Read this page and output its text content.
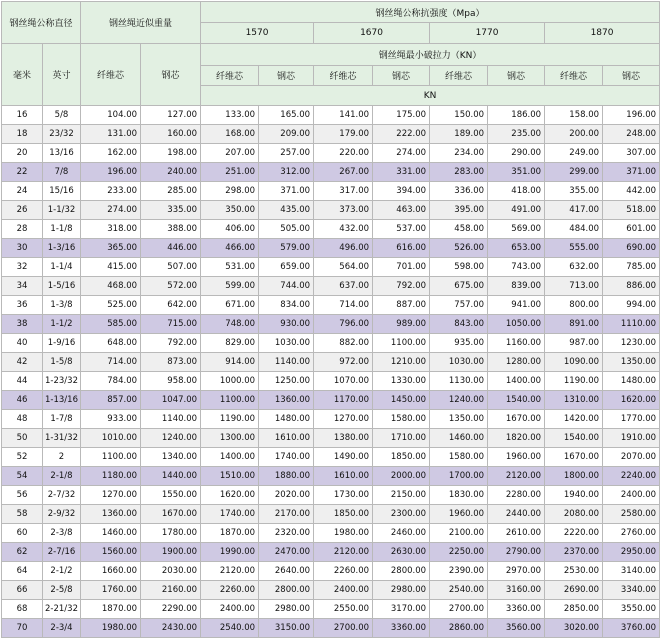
钢丝绳公称直径		钢丝绳近似重量		钢丝绳公称抗强度（Mpa）							
				1570		1670		1770		1870	
毫米	英寸	纤维芯	钢芯	钢丝绳最小破拉力（KN）							
				纤维芯	钢芯	纤维芯	钢芯	纤维芯	钢芯	纤维芯	钢芯
				KN							
16	5/8	104.00	127.00	133.00	165.00	141.00	175.00	150.00	186.00	158.00	196.00
18	23/32	131.00	160.00	168.00	209.00	179.00	222.00	189.00	235.00	200.00	248.00
20	13/16	162.00	198.00	207.00	257.00	220.00	274.00	234.00	290.00	249.00	307.00
22	7/8	196.00	240.00	251.00	312.00	267.00	331.00	283.00	351.00	299.00	371.00
24	15/16	233.00	285.00	298.00	371.00	317.00	394.00	336.00	418.00	355.00	442.00
26	1-1/32	274.00	335.00	350.00	435.00	373.00	463.00	395.00	491.00	417.00	518.00
28	1-1/8	318.00	388.00	406.00	505.00	432.00	537.00	458.00	569.00	484.00	601.00
30	1-3/16	365.00	446.00	466.00	579.00	496.00	616.00	526.00	653.00	555.00	690.00
32	1-1/4	415.00	507.00	531.00	659.00	564.00	701.00	598.00	743.00	632.00	785.00
34	1-5/16	468.00	572.00	599.00	744.00	637.00	792.00	675.00	839.00	713.00	886.00
36	1-3/8	525.00	642.00	671.00	834.00	714.00	887.00	757.00	941.00	800.00	994.00
38	1-1/2	585.00	715.00	748.00	930.00	796.00	989.00	843.00	1050.00	891.00	1110.00
40	1-9/16	648.00	792.00	829.00	1030.00	882.00	1100.00	935.00	1160.00	987.00	1230.00
42	1-5/8	714.00	873.00	914.00	1140.00	972.00	1210.00	1030.00	1280.00	1090.00	1350.00
44	1-23/32	784.00	958.00	1000.00	1250.00	1070.00	1330.00	1130.00	1400.00	1190.00	1480.00
46	1-13/16	857.00	1047.00	1100.00	1360.00	1170.00	1450.00	1240.00	1540.00	1310.00	1620.00
48	1-7/8	933.00	1140.00	1190.00	1480.00	1270.00	1580.00	1350.00	1670.00	1420.00	1770.00
50	1-31/32	1010.00	1240.00	1300.00	1610.00	1380.00	1710.00	1460.00	1820.00	1540.00	1910.00
52	2	1100.00	1340.00	1400.00	1740.00	1490.00	1850.00	1580.00	1960.00	1670.00	2070.00
54	2-1/8	1180.00	1440.00	1510.00	1880.00	1610.00	2000.00	1700.00	2120.00	1800.00	2240.00
56	2-7/32	1270.00	1550.00	1620.00	2020.00	1730.00	2150.00	1830.00	2280.00	1940.00	2400.00
58	2-9/32	1360.00	1670.00	1740.00	2170.00	1850.00	2300.00	1960.00	2440.00	2080.00	2580.00
60	2-3/8	1460.00	1780.00	1870.00	2320.00	1980.00	2460.00	2100.00	2610.00	2220.00	2760.00
62	2-7/16	1560.00	1900.00	1990.00	2470.00	2120.00	2630.00	2250.00	2790.00	2370.00	2950.00
64	2-1/2	1660.00	2030.00	2120.00	2640.00	2260.00	2800.00	2390.00	2970.00	2530.00	3140.00
66	2-5/8	1760.00	2160.00	2260.00	2800.00	2400.00	2980.00	2540.00	3160.00	2690.00	3340.00
68	2-21/32	1870.00	2290.00	2400.00	2980.00	2550.00	3170.00	2700.00	3360.00	2850.00	3550.00
70	2-3/4	1980.00	2430.00	2540.00	3150.00	2700.00	3360.00	2860.00	3560.00	3020.00	3760.00
